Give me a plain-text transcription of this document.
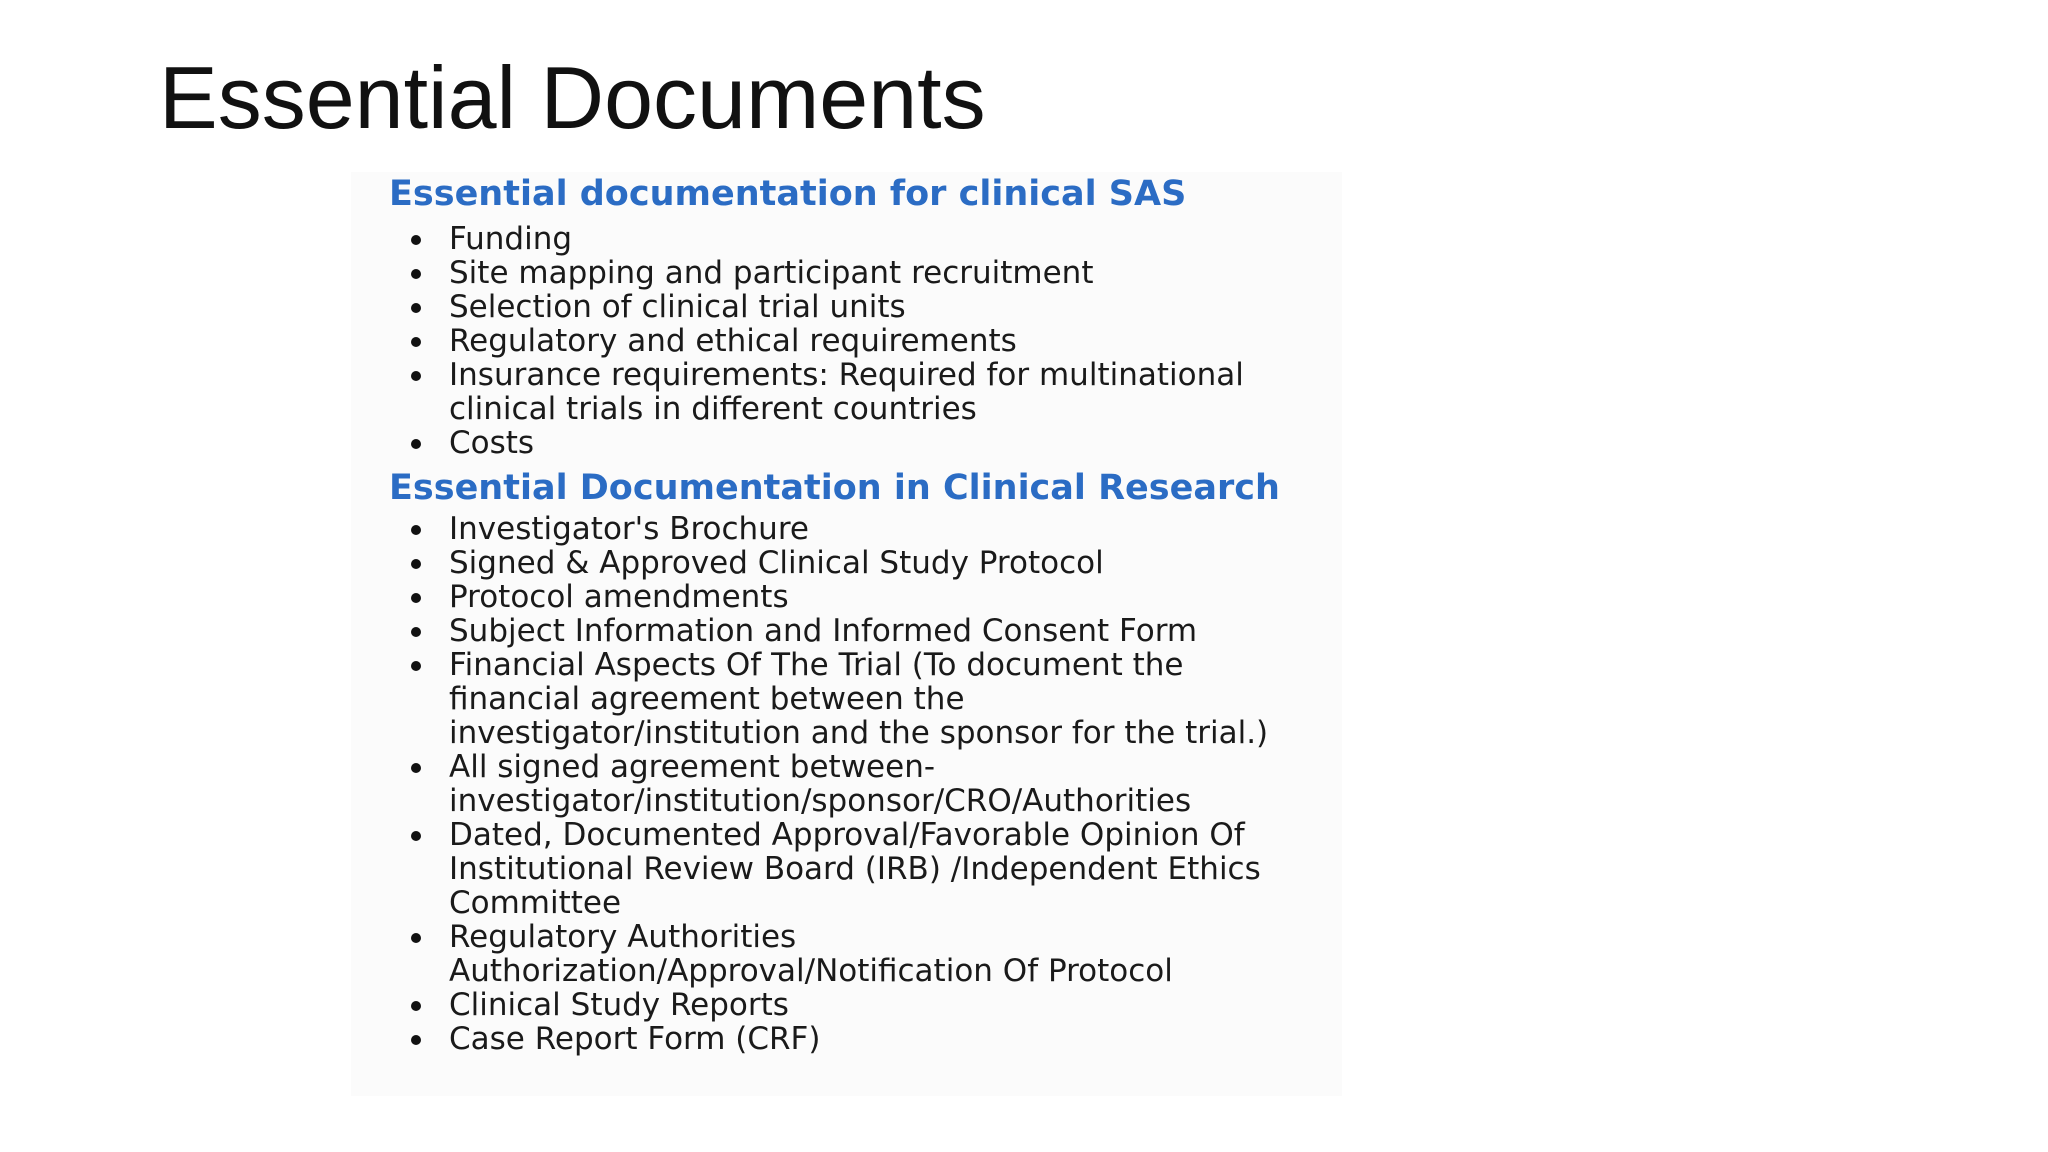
Essential Documents
Essential documentation for clinical SAS
Funding
Site mapping and participant recruitment
Selection of clinical trial units
Regulatory and ethical requirements
Insurance requirements: Required for multinational clinical trials in different countries
Costs
Essential Documentation in Clinical Research
Investigator's Brochure
Signed & Approved Clinical Study Protocol
Protocol amendments
Subject Information and Informed Consent Form
Financial Aspects Of The Trial (To document the financial agreement between the investigator/institution and the sponsor for the trial.)
All signed agreement between- investigator/institution/sponsor/CRO/Authorities
Dated, Documented Approval/Favorable Opinion Of Institutional Review Board (IRB) /Independent Ethics Committee
Regulatory Authorities Authorization/Approval/Notification Of Protocol
Clinical Study Reports
Case Report Form (CRF)
